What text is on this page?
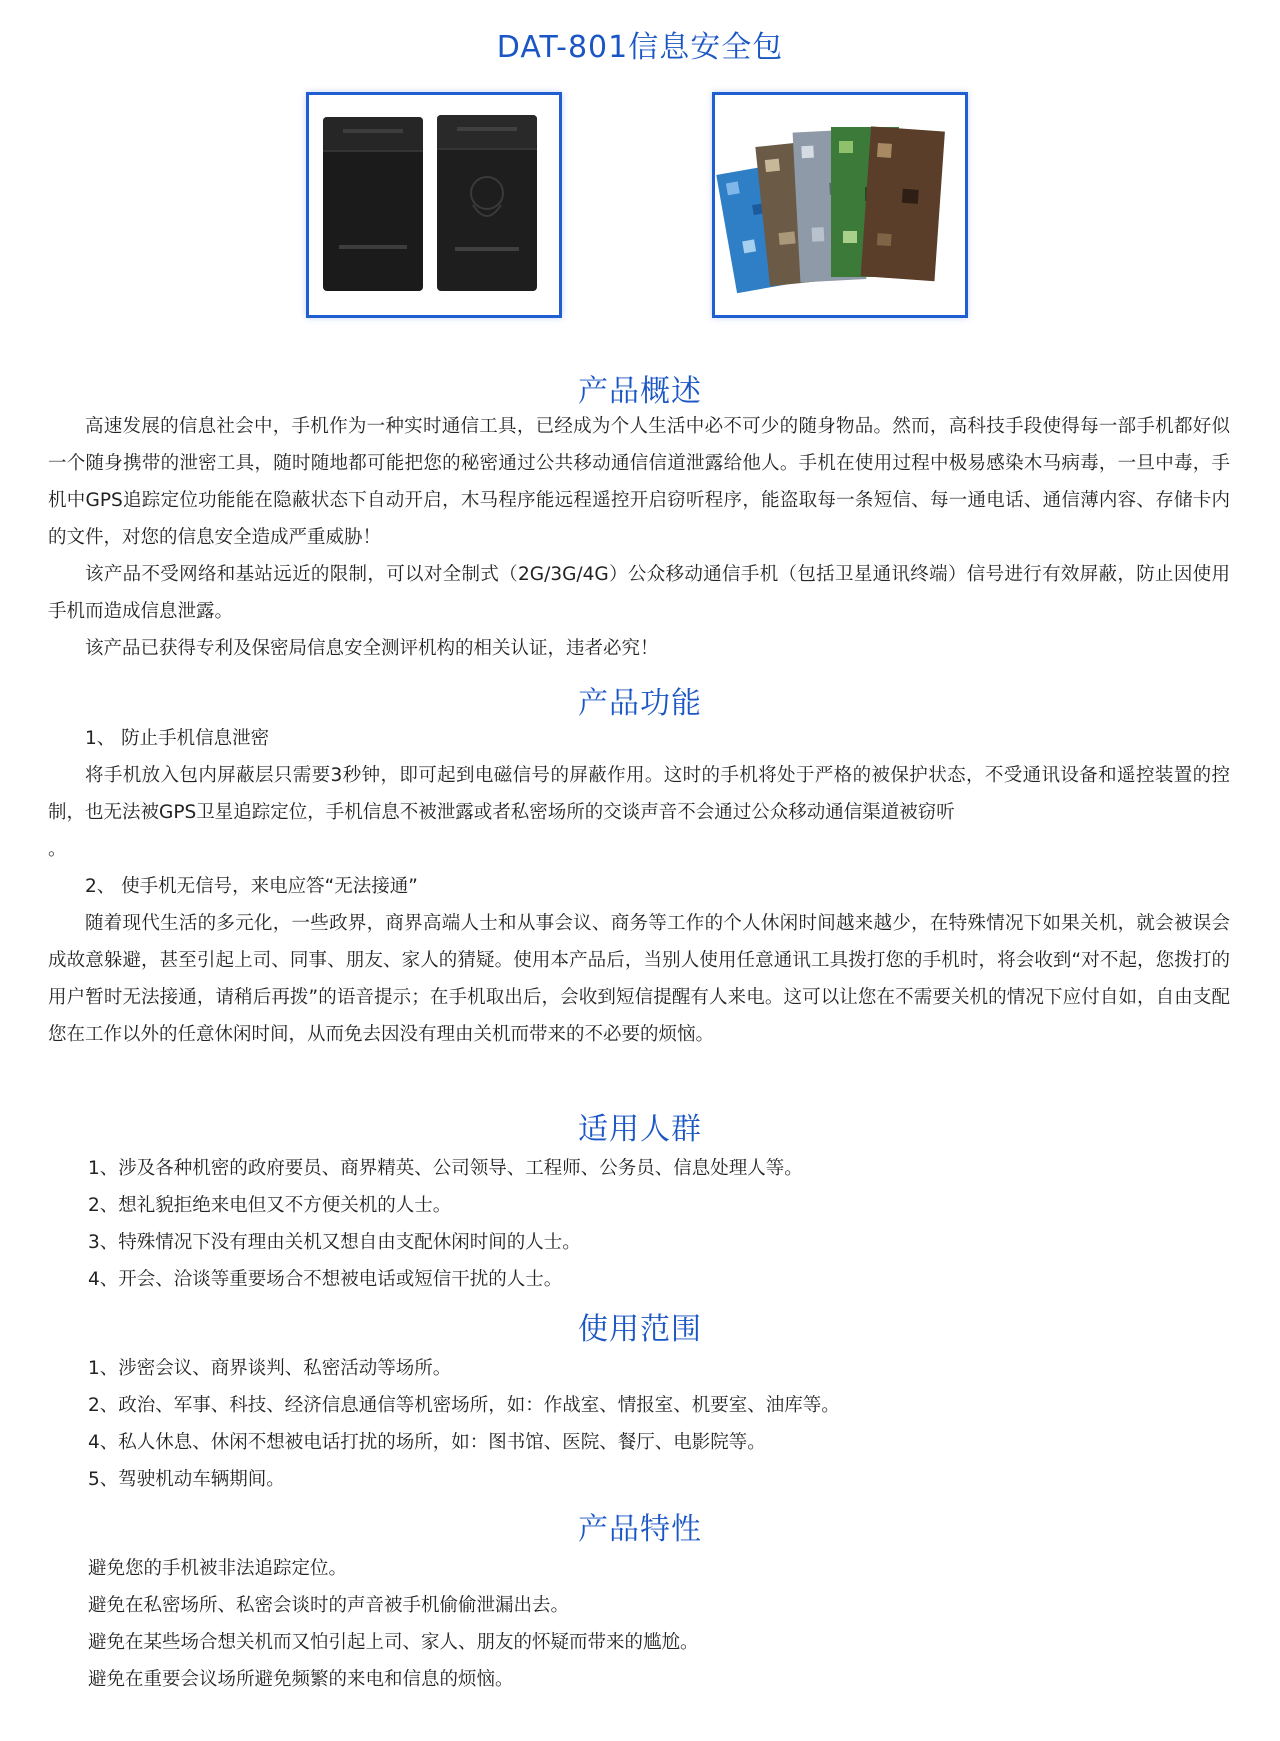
DAT-801信息安全包
产品概述

高速发展的信息社会中，手机作为一种实时通信工具，已经成为个人生活中必不可少的随身物品。然而，高科技手段使得每一部手机都好似一个随身携带的泄密工具，随时随地都可能把您的秘密通过公共移动通信信道泄露给他人。手机在使用过程中极易感染木马病毒，一旦中毒，手机中GPS追踪定位功能能在隐蔽状态下自动开启，木马程序能远程遥控开启窃听程序，能盗取每一条短信、每一通电话、通信薄内容、存储卡内的文件，对您的信息安全造成严重威胁！

该产品不受网络和基站远近的限制，可以对全制式（2G/3G/4G）公众移动通信手机（包括卫星通讯终端）信号进行有效屏蔽，防止因使用手机而造成信息泄露。

该产品已获得专利及保密局信息安全测评机构的相关认证，违者必究！

产品功能

1、 防止手机信息泄密

将手机放入包内屏蔽层只需要3秒钟，即可起到电磁信号的屏蔽作用。这时的手机将处于严格的被保护状态，不受通讯设备和遥控装置的控制，也无法被GPS卫星追踪定位，手机信息不被泄露或者私密场所的交谈声音不会通过公众移动通信渠道被窃听

。

2、 使手机无信号，来电应答“无法接通”

随着现代生活的多元化，一些政界，商界高端人士和从事会议、商务等工作的个人休闲时间越来越少，在特殊情况下如果关机，就会被误会成故意躲避，甚至引起上司、同事、朋友、家人的猜疑。使用本产品后，当别人使用任意通讯工具拨打您的手机时，将会收到“对不起，您拨打的用户暂时无法接通，请稍后再拨”的语音提示；在手机取出后，会收到短信提醒有人来电。这可以让您在不需要关机的情况下应付自如，自由支配您在工作以外的任意休闲时间，从而免去因没有理由关机而带来的不必要的烦恼。

适用人群
1、涉及各种机密的政府要员、商界精英、公司领导、工程师、公务员、信息处理人等。
2、想礼貌拒绝来电但又不方便关机的人士。
3、特殊情况下没有理由关机又想自由支配休闲时间的人士。
4、开会、洽谈等重要场合不想被电话或短信干扰的人士。
使用范围
1、涉密会议、商界谈判、私密活动等场所。
2、政治、军事、科技、经济信息通信等机密场所，如：作战室、情报室、机要室、油库等。
4、私人休息、休闲不想被电话打扰的场所，如：图书馆、医院、餐厅、电影院等。
5、驾驶机动车辆期间。
产品特性
避免您的手机被非法追踪定位。
避免在私密场所、私密会谈时的声音被手机偷偷泄漏出去。
避免在某些场合想关机而又怕引起上司、家人、朋友的怀疑而带来的尴尬。
避免在重要会议场所避免频繁的来电和信息的烦恼。
